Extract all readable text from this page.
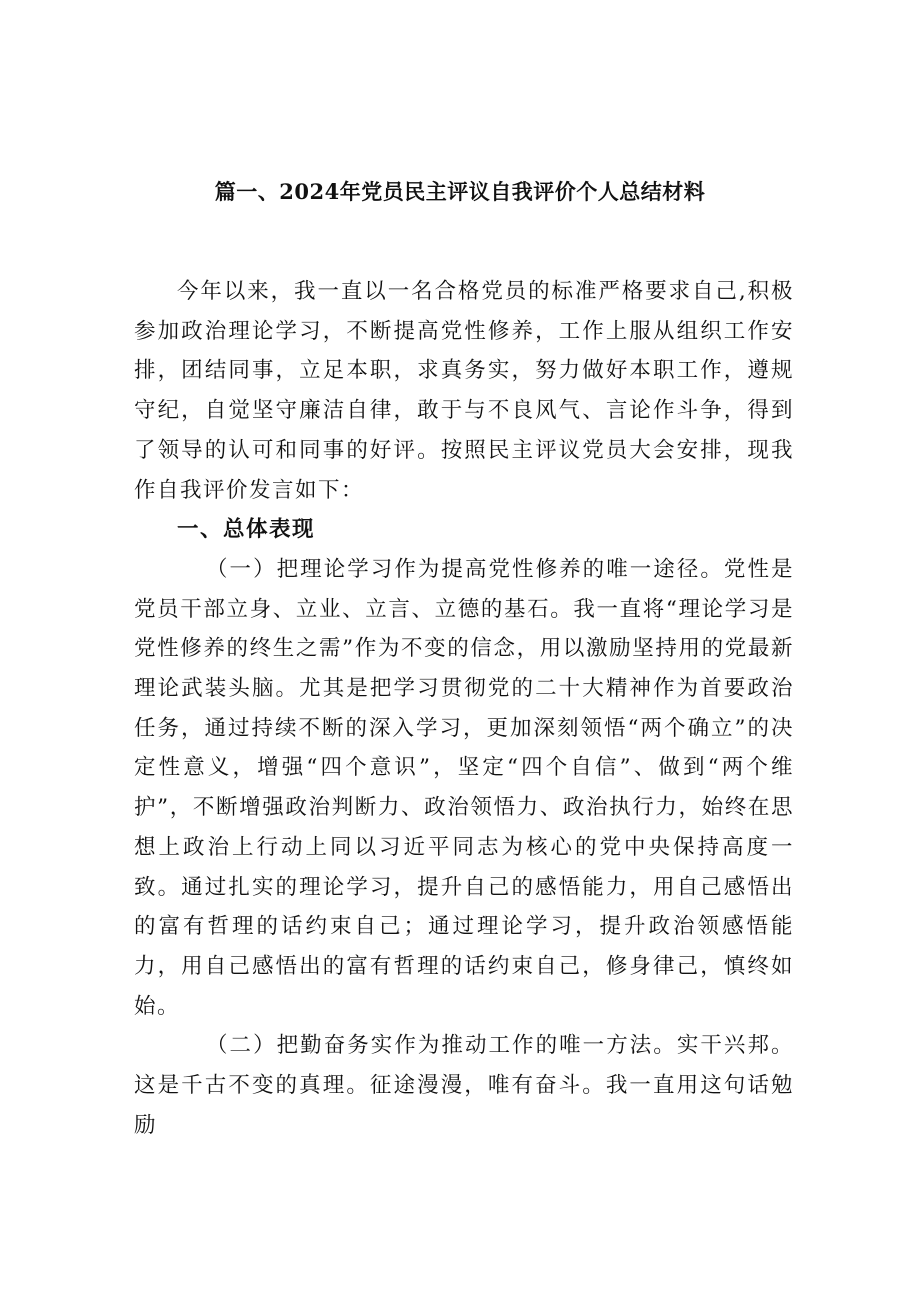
篇一、2024年党员民主评议自我评价个人总结材料

今年以来，我一直以一名合格党员的标准严格要求自己,积极参加政治理论学习，不断提高党性修养，工作上服从组织工作安排，团结同事，立足本职，求真务实，努力做好本职工作，遵规守纪，自觉坚守廉洁自律，敢于与不良风气、言论作斗争，得到了领导的认可和同事的好评。按照民主评议党员大会安排，现我作自我评价发言如下：

一、总体表现

（一）把理论学习作为提高党性修养的唯一途径。党性是党员干部立身、立业、立言、立德的基石。我一直将“理论学习是党性修养的终生之需”作为不变的信念，用以激励坚持用的党最新理论武装头脑。尤其是把学习贯彻党的二十大精神作为首要政治任务，通过持续不断的深入学习，更加深刻领悟“两个确立”的决定性意义，增强“四个意识”，坚定“四个自信”、做到“两个维护”，不断增强政治判断力、政治领悟力、政治执行力，始终在思想上政治上行动上同以习近平同志为核心的党中央保持高度一致。通过扎实的理论学习，提升自己的感悟能力，用自己感悟出的富有哲理的话约束自己；通过理论学习，提升政治领感悟能力，用自己感悟出的富有哲理的话约束自己，修身律己，慎终如始。

（二）把勤奋务实作为推动工作的唯一方法。实干兴邦。这是千古不变的真理。征途漫漫，唯有奋斗。我一直用这句话勉励
